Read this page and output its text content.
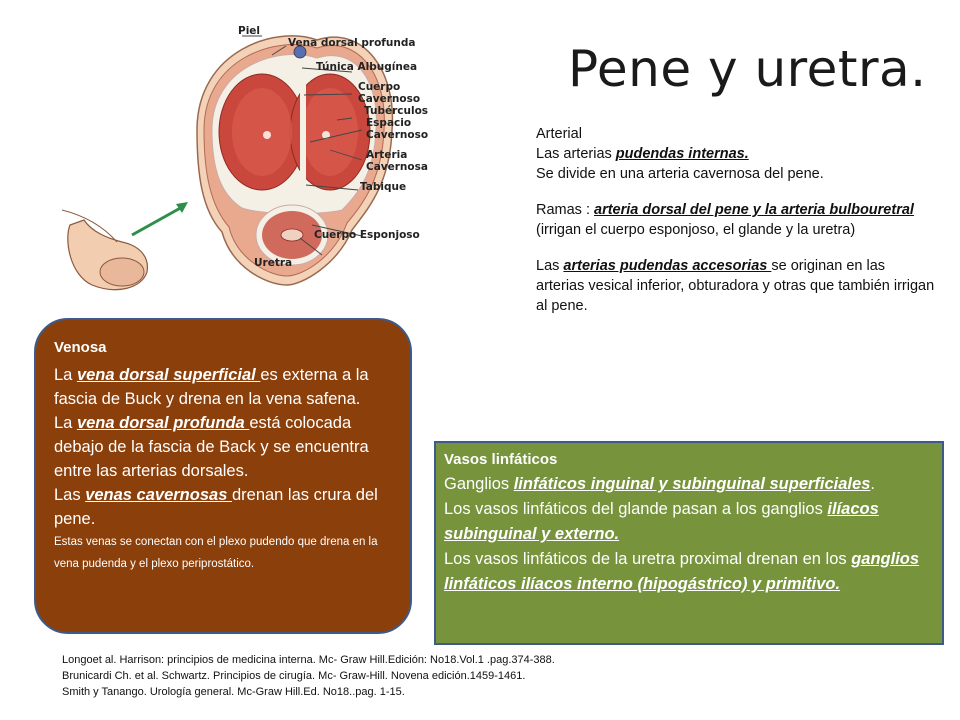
Pene y uretra.
Piel
Vena dorsal profunda
Túnica Albugínea
Cuerpo
Cavernoso
Tubérculos
Espacio
Cavernoso
Arteria
Cavernosa
Tabique
Cuerpo Esponjoso
Uretra

Arterial

Las arterias pudendas internas.

Se divide en una arteria cavernosa del pene.

Ramas : arteria dorsal del pene y la arteria bulbouretral (irrigan el cuerpo esponjoso, el glande y la uretra)

Las arterias pudendas accesorias se originan en las arterias vesical inferior, obturadora y otras que también irrigan al pene.

Venosa

La vena dorsal superficial es externa a la fascia de Buck y drena en la vena safena.

La vena dorsal profunda está colocada debajo de la fascia de Back y se encuentra entre las arterias dorsales.

Las venas cavernosas drenan las crura del pene.

Estas venas se conectan con el plexo pudendo que drena en la vena pudenda y el plexo periprostático.

Vasos linfáticos

Ganglios linfáticos inguinal y subinguinal superficiales.

Los vasos linfáticos del glande pasan a los ganglios ilíacos subinguinal y externo.

Los vasos linfáticos de la uretra proximal drenan en los ganglios linfáticos ilíacos interno (hipogástrico) y primitivo.

Longoet al. Harrison: principios de medicina interna. Mc- Graw Hill.Edición: No18.Vol.1 .pag.374-388.
Brunicardi Ch. et al. Schwartz. Principios de cirugía. Mc- Graw-Hill. Novena edición.1459-1461.
Smith y Tanango. Urología general. Mc-Graw Hill.Ed. No18..pag. 1-15.
